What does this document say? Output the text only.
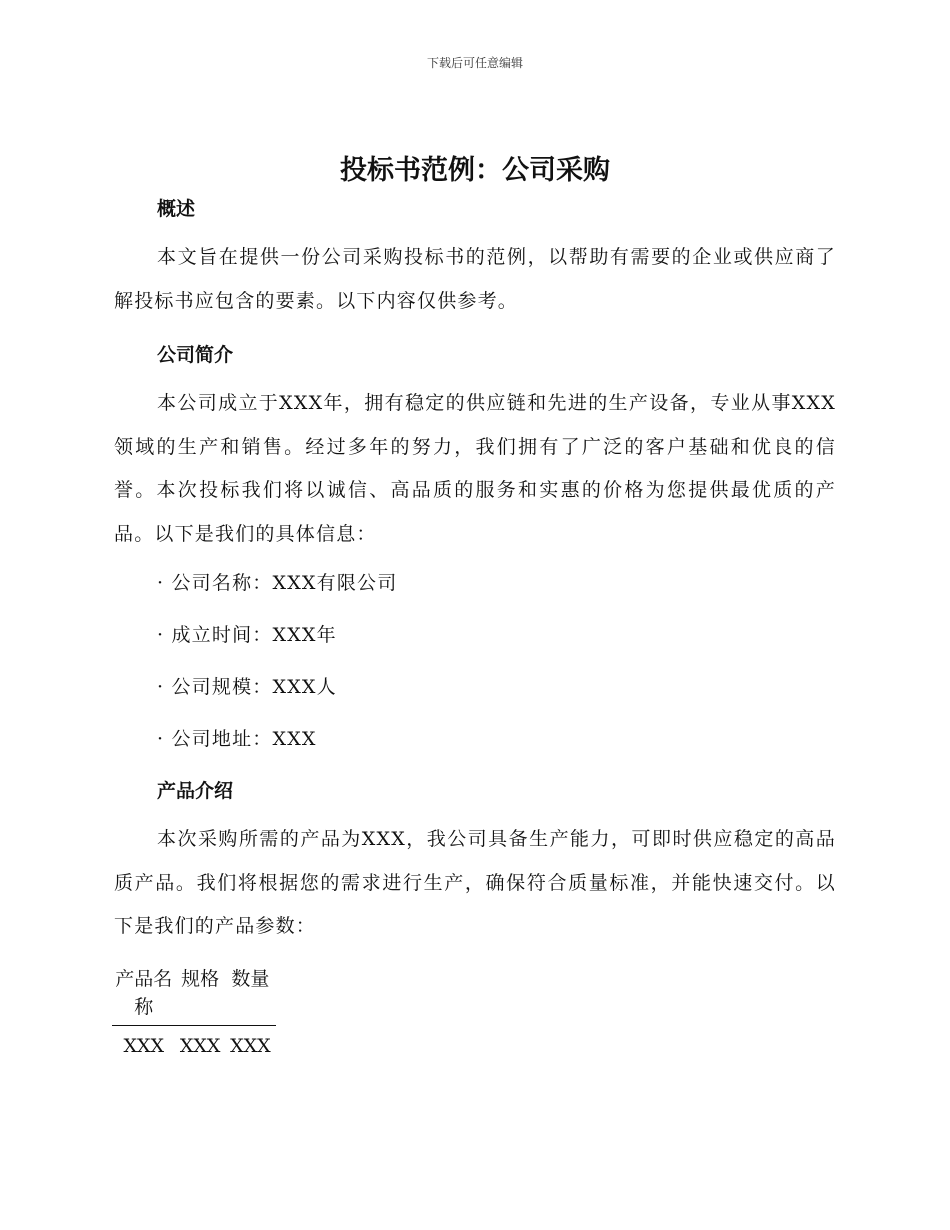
下载后可任意编辑
投标书范例：公司采购
概述
本文旨在提供一份公司采购投标书的范例，以帮助有需要的企业或供应商了解投标书应包含的要素。以下内容仅供参考。
公司简介
本公司成立于XXX年，拥有稳定的供应链和先进的生产设备，专业从事XXX领域的生产和销售。经过多年的努力，我们拥有了广泛的客户基础和优良的信誉。本次投标我们将以诚信、高品质的服务和实惠的价格为您提供最优质的产品。以下是我们的具体信息：
· 公司名称：XXX有限公司
· 成立时间：XXX年
· 公司规模：XXX人
· 公司地址：XXX
产品介绍
本次采购所需的产品为XXX，我公司具备生产能力，可即时供应稳定的高品质产品。我们将根据您的需求进行生产，确保符合质量标准，并能快速交付。以下是我们的产品参数：
产品名称	规格	数量
XXX	XXX	XXX
